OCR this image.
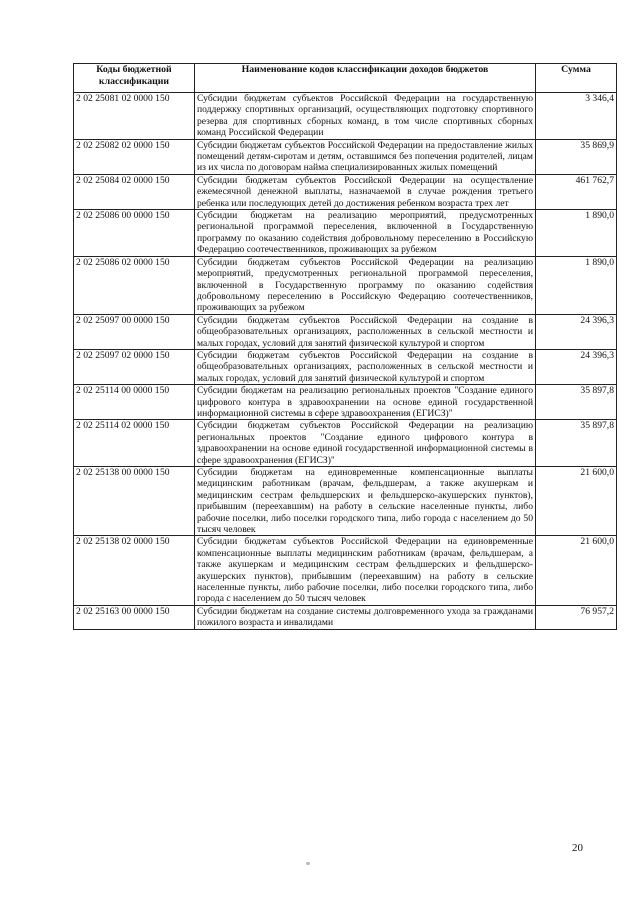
Коды бюджетной классификации	Наименование кодов классификации доходов бюджетов	Сумма
2 02 25081 02 0000 150	Субсидии бюджетам субъектов Российской Федерации на государственную поддержку спортивных организаций, осуществляющих подготовку спортивного резерва для спортивных сборных команд, в том числе спортивных сборных команд Российской Федерации	3 346,4
2 02 25082 02 0000 150	Субсидии бюджетам субъектов Российской Федерации на предоставление жилых помещений детям-сиротам и детям, оставшимся без попечения родителей, лицам из их числа по договорам найма специализированных жилых помещений	35 869,9
2 02 25084 02 0000 150	Субсидии бюджетам субъектов Российской Федерации на осуществление ежемесячной денежной выплаты, назначаемой в случае рождения третьего ребенка или последующих детей до достижения ребенком возраста трех лет	461 762,7
2 02 25086 00 0000 150	Субсидии бюджетам на реализацию мероприятий, предусмотренных региональной программой переселения, включенной в Государственную программу по оказанию содействия добровольному переселению в Российскую Федерацию соотечественников, проживающих за рубежом	1 890,0
2 02 25086 02 0000 150	Субсидии бюджетам субъектов Российской Федерации на реализацию мероприятий, предусмотренных региональной программой переселения, включенной в Государственную программу по оказанию содействия добровольному переселению в Российскую Федерацию соотечественников, проживающих за рубежом	1 890,0
2 02 25097 00 0000 150	Субсидии бюджетам субъектов Российской Федерации на создание в общеобразовательных организациях, расположенных в сельской местности и малых городах, условий для занятий физической культурой и спортом	24 396,3
2 02 25097 02 0000 150	Субсидии бюджетам субъектов Российской Федерации на создание в общеобразовательных организациях, расположенных в сельской местности и малых городах, условий для занятий физической культурой и спортом	24 396,3
2 02 25114 00 0000 150	Субсидии бюджетам на реализацию региональных проектов "Создание единого цифрового контура в здравоохранении на основе единой государственной информационной системы в сфере здравоохранения (ЕГИСЗ)"	35 897,8
2 02 25114 02 0000 150	Субсидии бюджетам субъектов Российской Федерации на реализацию региональных проектов "Создание единого цифрового контура в здравоохранении на основе единой государственной информационной системы в сфере здравоохранения (ЕГИСЗ)"	35 897,8
2 02 25138 00 0000 150	Субсидии бюджетам на единовременные компенсационные выплаты медицинским работникам (врачам, фельдшерам, а также акушеркам и медицинским сестрам фельдшерских и фельдшерско-акушерских пунктов), прибывшим (переехавшим) на работу в сельские населенные пункты, либо рабочие поселки, либо поселки городского типа, либо города с населением до 50 тысяч человек	21 600,0
2 02 25138 02 0000 150	Субсидии бюджетам субъектов Российской Федерации на единовременные компенсационные выплаты медицинским работникам (врачам, фельдшерам, а также акушеркам и медицинским сестрам фельдшерских и фельдшерско-акушерских пунктов), прибывшим (переехавшим) на работу в сельские населенные пункты, либо рабочие поселки, либо поселки городского типа, либо города с населением до 50 тысяч человек	21 600,0
2 02 25163 00 0000 150	Субсидии бюджетам на создание системы долговременного ухода за гражданами пожилого возраста и инвалидами	76 957,2
20
